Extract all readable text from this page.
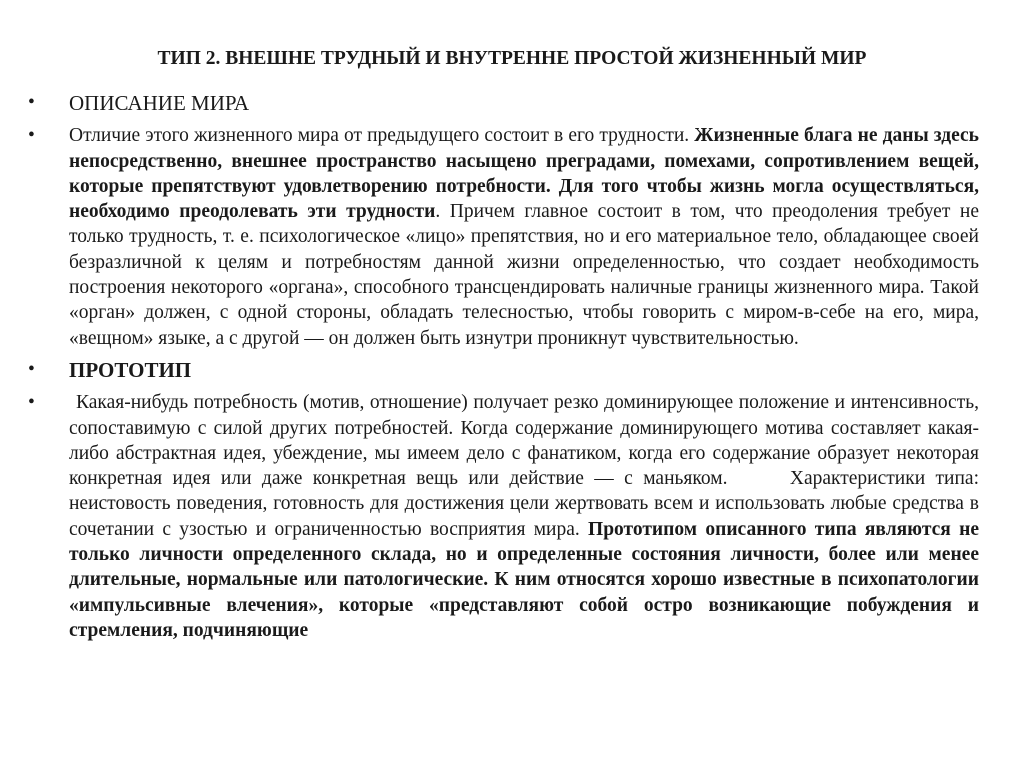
ТИП 2. ВНЕШНЕ ТРУДНЫЙ И ВНУТРЕННЕ ПРОСТОЙ ЖИЗНЕННЫЙ МИР
• ОПИСАНИЕ МИРА
• Отличие этого жизненного мира от предыдущего состоит в его трудности. Жизненные блага не даны здесь непосредственно, внешнее пространство насыщено преградами, помехами, сопротивлением вещей, которые препятствуют удовлетворению потребности. Для того чтобы жизнь могла осуществляться, необходимо преодолевать эти трудности. Причем главное состоит в том, что преодоления требует не только трудность, т. е. психологическое «лицо» препятствия, но и его материальное тело, обладающее своей безразличной к целям и потребностям данной жизни определенностью, что создает необходимость построения некоторого «органа», способного трансцендировать наличные границы жизненного мира. Такой «орган» должен, с одной стороны, обладать телесностью, чтобы говорить с миром-в-себе на его, мира, «вещном» языке, а с другой — он должен быть изнутри проникнут чувствительностью.
• ПРОТОТИП
• Какая-нибудь потребность (мотив, отношение) получает резко доминирующее положение и интенсивность, сопоставимую с силой других потребностей. Когда содержание доминирующего мотива составляет какая-либо абстрактная идея, убеждение, мы имеем дело с фанатиком, когда его содержание образует некоторая конкретная идея или даже конкретная вещь или действие — с маньяком.      Характеристики типа: неистовость поведения, готовность для достижения цели жертвовать всем и использовать любые средства в сочетании с узостью и ограниченностью восприятия мира. Прототипом описанного типа являются не только личности определенного склада, но и определенные состояния личности, более или менее длительные, нормальные или патологические. К ним относятся хорошо известные в психопатологии «импульсивные влечения», которые «представляют собой остро возникающие побуждения и стремления, подчиняющие
